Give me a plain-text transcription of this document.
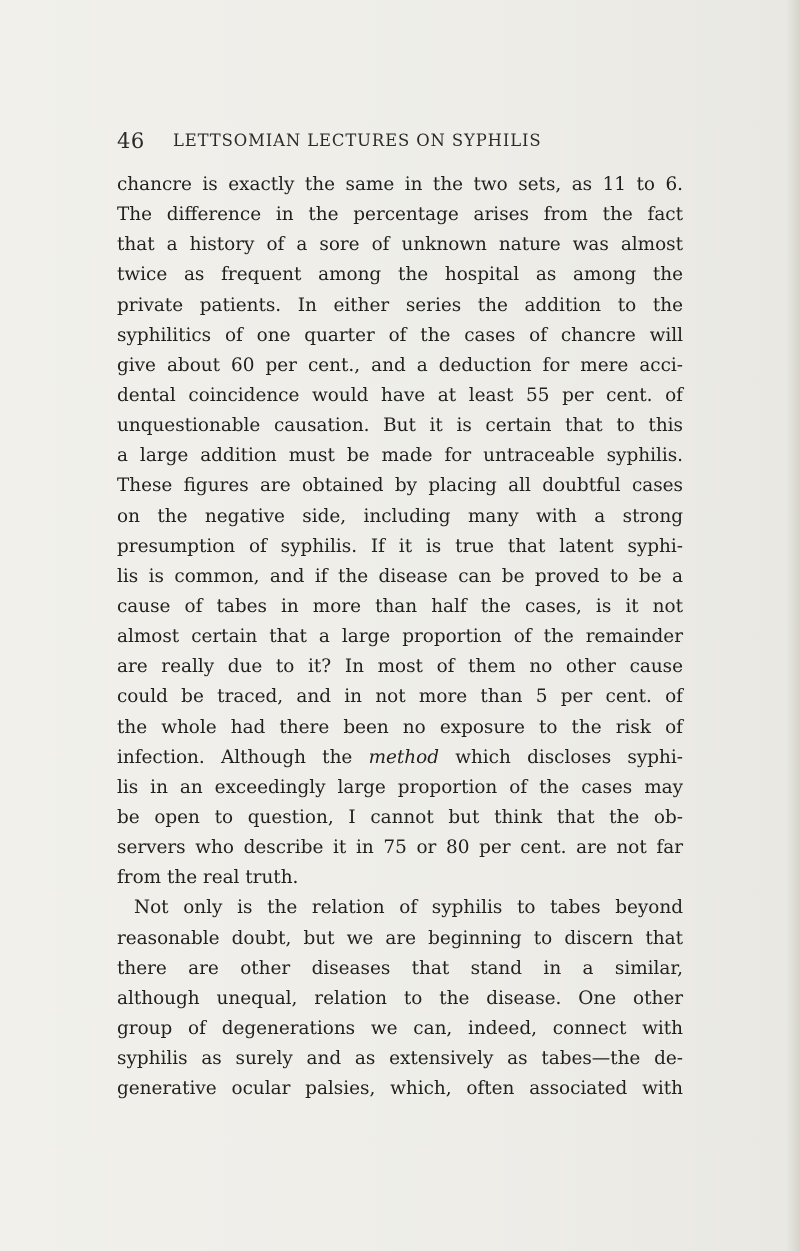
46 LETTSOMIAN LECTURES ON SYPHILIS
chancre is exactly the same in the two sets, as 11 to 6.
The difference in the percentage arises from the fact
that a history of a sore of unknown nature was almost
twice as frequent among the hospital as among the
private patients. In either series the addition to the
syphilitics of one quarter of the cases of chancre will
give about 60 per cent., and a deduction for mere acci-
dental coincidence would have at least 55 per cent. of
unquestionable causation. But it is certain that to this
a large addition must be made for untraceable syphilis.
These figures are obtained by placing all doubtful cases
on the negative side, including many with a strong
presumption of syphilis. If it is true that latent syphi-
lis is common, and if the disease can be proved to be a
cause of tabes in more than half the cases, is it not
almost certain that a large proportion of the remainder
are really due to it? In most of them no other cause
could be traced, and in not more than 5 per cent. of
the whole had there been no exposure to the risk of
infection. Although the method which discloses syphi-
lis in an exceedingly large proportion of the cases may
be open to question, I cannot but think that the ob-
servers who describe it in 75 or 80 per cent. are not far
from the real truth.
Not only is the relation of syphilis to tabes beyond
reasonable doubt, but we are beginning to discern that
there are other diseases that stand in a similar,
although unequal, relation to the disease. One other
group of degenerations we can, indeed, connect with
syphilis as surely and as extensively as tabes—the de-
generative ocular palsies, which, often associated with
